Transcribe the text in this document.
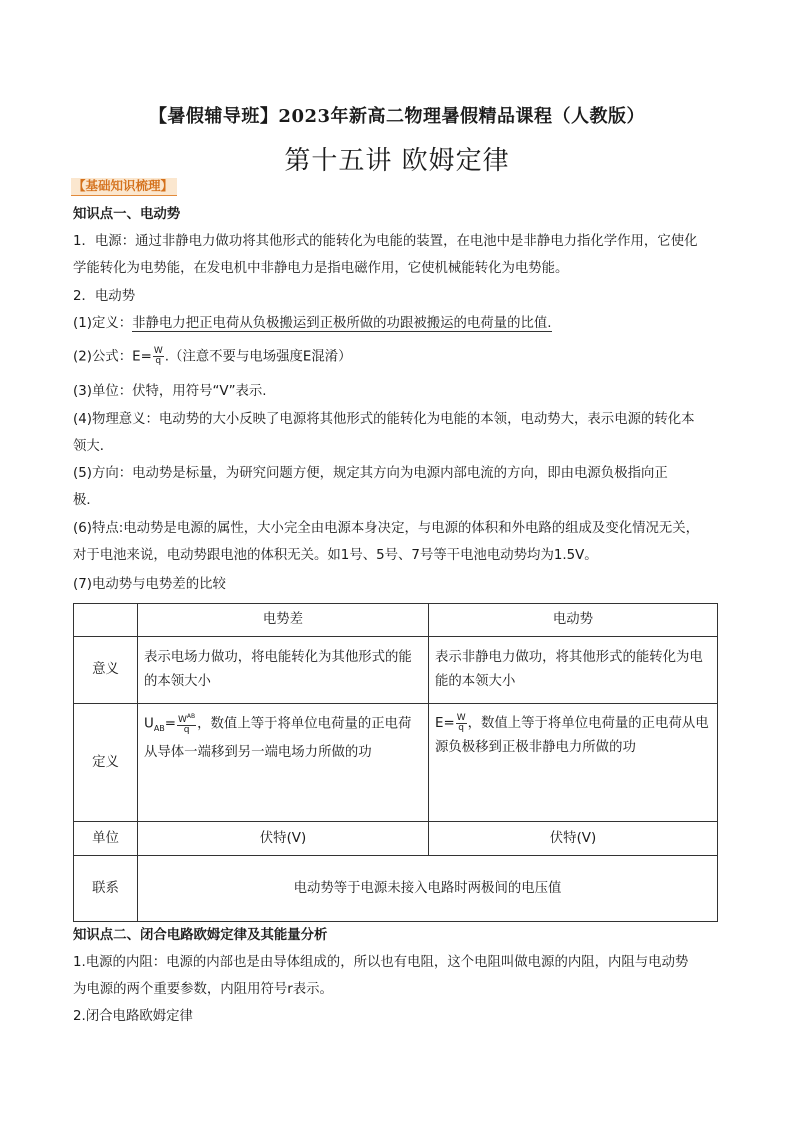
【暑假辅导班】2023年新高二物理暑假精品课程（人教版）
第十五讲 欧姆定律
【基础知识梳理】
知识点一、电动势
1．电源：通过非静电力做功将其他形式的能转化为电能的装置，在电池中是非静电力指化学作用，它使化
学能转化为电势能，在发电机中非静电力是指电磁作用，它使机械能转化为电势能。
2．电动势
(1)定义：非静电力把正电荷从负极搬运到正极所做的功跟被搬运的电荷量的比值.
(2)公式：$E= \frac{W}{q}$ .（注意不要与电场强度E混淆）
(3)单位：伏特，用符号“V”表示.
(4)物理意义：电动势的大小反映了电源将其他形式的能转化为电能的本领，电动势大，表示电源的转化本
领大．
(5)方向：电动势是标量，为研究问题方便，规定其方向为电源内部电流的方向，即由电源负极指向正
极．
(6)特点:电动势是电源的属性，大小完全由电源本身决定，与电源的体积和外电路的组成及变化情况无关，
对于电池来说，电动势跟电池的体积无关。如1号、5号、7号等干电池电动势均为1.5V。
(7)电动势与电势差的比较
	电势差	电动势
意义	表示电场力做功，将电能转化为其他形式的能的本领大小	表示非静电力做功，将其他形式的能转化为电能的本领大小
定义	$U_{AB}= \frac{W^{AB}}{q}$ ，数值上等于将单位电荷量的正电荷从导体一端移到另一端电场力所做的功	$E= \frac{W}{q}$ ，数值上等于将单位电荷量的正电荷从电源负极移到正极非静电力所做的功
单位	伏特(V)	伏特(V)
联系	电动势等于电源未接入电路时两极间的电压值	
知识点二、闭合电路欧姆定律及其能量分析
1.电源的内阻：电源的内部也是由导体组成的，所以也有电阻，这个电阻叫做电源的内阻，内阻与电动势
为电源的两个重要参数，内阻用符号r表示。
2.闭合电路欧姆定律
